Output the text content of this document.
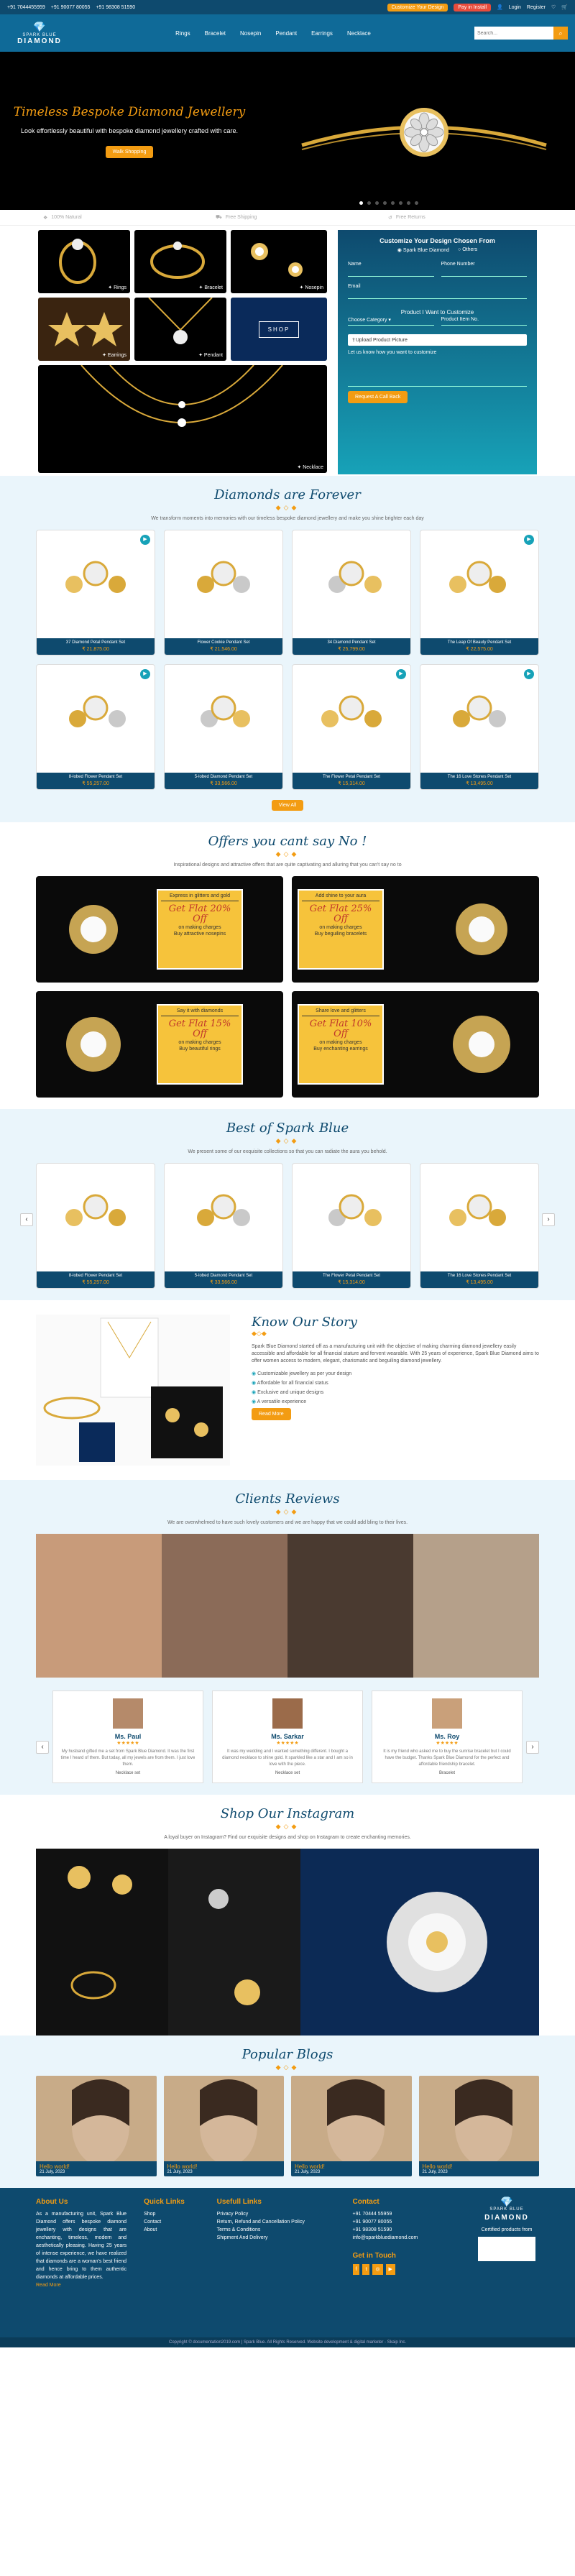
+91 7044455959 +91 90077 80055 +91 98308 51590	Customize Your Design	Pay in Install	👤 Login Register ♡ 🛒
💎
SPARK BLUE
DIAMOND
Rings	Bracelet	Nosepin	Pendant	Earrings	Necklace
Search...	⌕
Timeless Bespoke Diamond Jewellery

Look effortlessly beautiful with bespoke diamond jewellery crafted with care.

Walk Shopping
❖ 100% Natural	⛟ Free Shipping	↺ Free Returns
✦ Rings	✦ Bracelet	✦ Nosepin
✦ Earrings	✦ Pendant
SHOP
✦ Necklace
Customize Your Design Chosen From
◉ Spark Blue Diamond ○ Others
Name	Phone Number
Email
Product I Want to Customize
Choose Category ▾	Product Item No.
⇪ Upload Product Picture
Let us know how you want to customize
Request A Call Back
Diamonds are Forever
◆◇◆
We transform moments into memories with our timeless bespoke diamond jewellery and make you shine brighter each day
▶
37 Diamond Petal Pendant Set
₹ 21,875.00
Flower Cookie Pendant Set
₹ 21,546.00
34 Diamond Pendant Set
₹ 25,799.00
▶
The Leap Of Beauty Pendant Set
₹ 22,575.00
▶
8-lobed Flower Pendant Set
₹ 55,257.00
5-lobed Diamond Pendant Set
₹ 33,566.00
▶
The Flower Petal Pendant Set
₹ 15,314.00
▶
The 16 Love Stones Pendant Set
₹ 13,495.00
View All
Offers you cant say No !
◆◇◆
Inspirational designs and attractive offers that are quite captivating and alluring that you can't say no to
Express in glitters and gold
Get Flat 20% Off
on making charges
Buy attractive nosepins
Add shine to your aura
Get Flat 25% Off
on making charges
Buy beguiling bracelets
Say it with diamonds
Get Flat 15% Off
on making charges
Buy beautiful rings
Share love and glitters
Get Flat 10% Off
on making charges
Buy enchanting earrings
Best of Spark Blue
◆◇◆
We present some of our exquisite collections so that you can radiate the aura you behold.
8-lobed Flower Pendant Set
₹ 55,257.00
5-lobed Diamond Pendant Set
₹ 33,566.00
The Flower Petal Pendant Set
₹ 15,314.00
The 16 Love Stones Pendant Set
₹ 13,495.00
‹	›
Know Our Story
◆◇◆

Spark Blue Diamond started off as a manufacturing unit with the objective of making charming diamond jewellery easily accessible and affordable for all financial stature and fervent wearable. With 25 years of experience, Spark Blue Diamond aims to offer women access to modern, elegant, charismatic and beguiling diamond jewellery.

◉ Customizable jewellery as per your design
◉ Affordable for all financial status
◉ Exclusive and unique designs
◉ A versatile experience
Read More
Clients Reviews
◆◇◆
We are overwhelmed to have such lovely customers and we are happy that we could add bling to their lives.
‹	›
Ms. Paul
★★★★★

My husband gifted me a set from Spark Blue Diamond. It was the first time I heard of them. But today, all my jewels are from them. I just love them.

Necklace set
Ms. Sarkar
★★★★★

It was my wedding and I wanted something different. I bought a diamond necklace to shine gold. It sparkled like a star and I am so in love with the piece.

Necklace set
Ms. Roy
★★★★★

It is my friend who asked me to buy the sunrise bracelet but I could have the budget. Thanks Spark Blue Diamond for the perfect and affordable friendship bracelet.

Bracelet
Shop Our Instagram
◆◇◆
A loyal buyer on Instagram? Find our exquisite designs and shop on Instagram to create enchanting memories.
Popular Blogs
◆◇◆
Hello world!
21 July, 2023
Hello world!
21 July, 2023
Hello world!
21 July, 2023
Hello world!
21 July, 2023
About Us
As a manufacturing unit, Spark Blue Diamond offers bespoke diamond jewellery with designs that are enchanting, timeless, modern and aesthetically pleasing. Having 25 years of intense experience, we have realized that diamonds are a woman's best friend and hence bring to them authentic diamonds at affordable prices.
Read More
Quick Links
Shop
Contact
About
Usefull Links
Privacy Policy
Return, Refund and Cancellation Policy
Terms & Conditions
Shipment And Delivery
Contact
+91 70444 55959
+91 90077 80055
+91 98308 51590
info@sparkbluediamond.com
Get in Touch
f	t	◎	▶
💎
SPARK BLUE
DIAMOND
Certified products from
Copyright © documentation2019.com | Spark Blue. All Rights Reserved. Website development & digital marketer - Skaip Inc.
